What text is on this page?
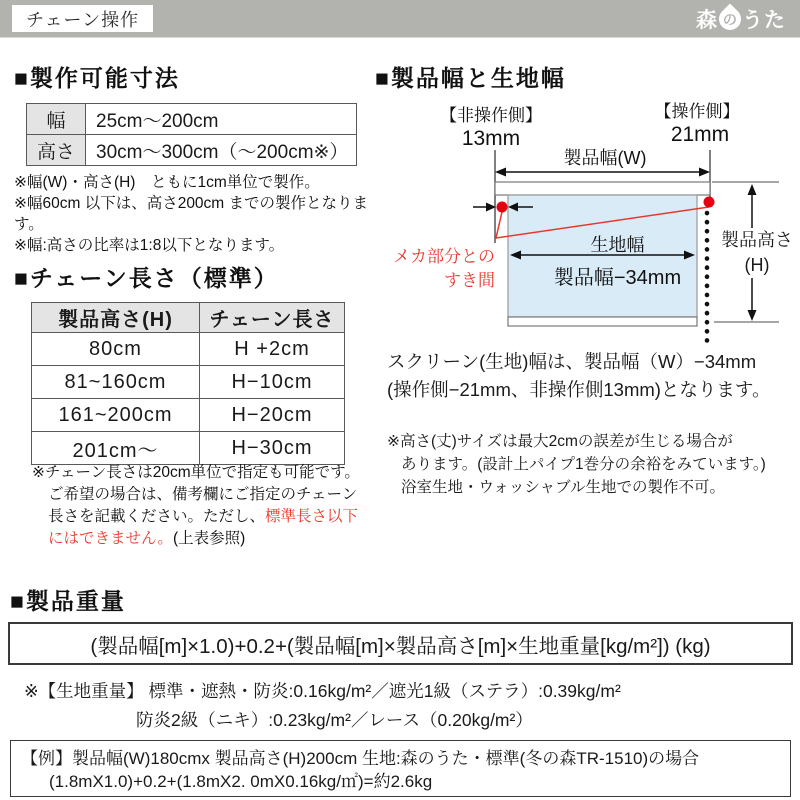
チェーン操作	森 の うた
■製作可能寸法
幅	25cm〜200cm
高さ	30cm〜300cm（〜200cm※）
※幅(W)・高さ(H)　ともに1cm単位で製作。
※幅60cm 以下は、高さ200cm までの製作となります。
※幅:高さの比率は1:8以下となります。
■チェーン長さ（標準）
製品高さ(H)	チェーン長さ
80cm	H +2cm
81~160cm	H−10cm
161~200cm	H−20cm
201cm〜	H−30cm

※チェーン長さは20cm単位で指定も可能です。ご希望の場合は、備考欄にご指定のチェーン長さを記載ください。ただし、標準長さ以下にはできません。(上表参照)

■製品幅と生地幅
【非操作側】
13mm
【操作側】
21mm
製品幅(W)
生地幅
製品幅−34mm
メカ部分との
すき間
製品高さ
(H)
スクリーン(生地)幅は、製品幅（W）−34mm
(操作側−21mm、非操作側13mm)となります。
※高さ(丈)サイズは最大2cmの誤差が生じる場合が
あります。(設計上パイプ1巻分の余裕をみています。)
浴室生地・ウォッシャブル生地での製作不可。
■製品重量
(製品幅[m]×1.0)+0.2+(製品幅[m]×製品高さ[m]×生地重量[kg/m²]) (kg)
※【生地重量】 標準・遮熱・防炎:0.16kg/m²／遮光1級（ステラ）:0.39kg/m²
防炎2級（ニキ）:0.23kg/m²／レース（0.20kg/m²）
【例】製品幅(W)180cmx 製品高さ(H)200cm 生地:森のうた・標準(冬の森TR-1510)の場合
(1.8mX1.0)+0.2+(1.8mX2. 0mX0.16kg/㎡)=約2.6kg
